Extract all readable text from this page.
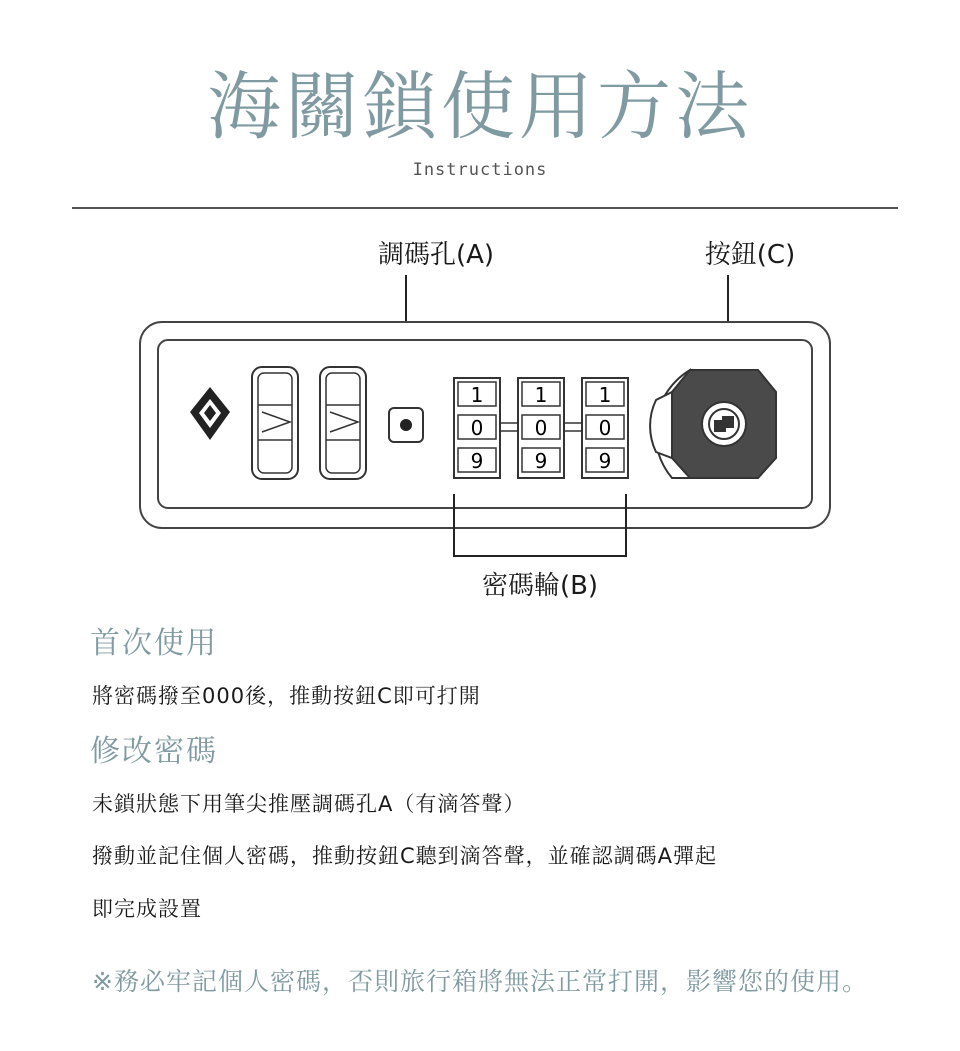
海關鎖使用方法
Instructions
調碼孔(A)	按鈕(C)
1
0
9
1
0
9
1
0
9
密碼輪(B)
首次使用
將密碼撥至000後，推動按鈕C即可打開
修改密碼
未鎖狀態下用筆尖推壓調碼孔A（有滴答聲）
撥動並記住個人密碼，推動按鈕C聽到滴答聲，並確認調碼A彈起
即完成設置
※務必牢記個人密碼，否則旅行箱將無法正常打開，影響您的使用。
